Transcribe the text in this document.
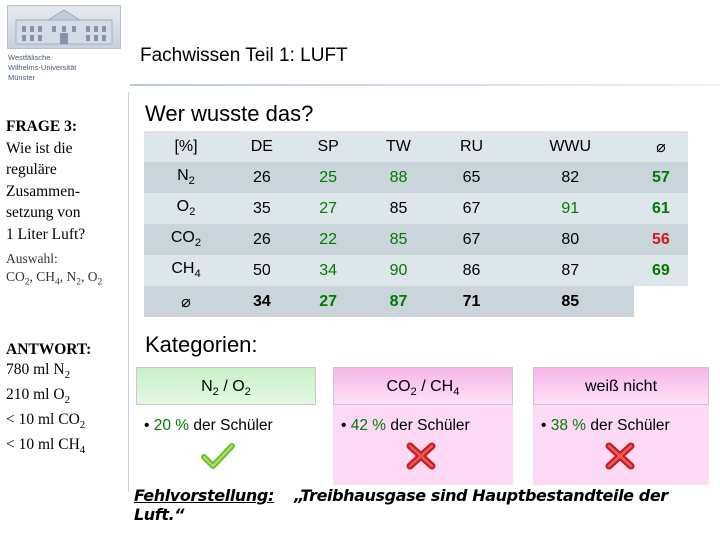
Westfälische
Wilhelms-Universität
Münster
Fachwissen Teil 1: LUFT
FRAGE 3:
Wie ist die
reguläre
Zusammen-
setzung von
1 Liter Luft?
Auswahl:
$CO_2$, $CH_4$, $N_2$, $O_2$
ANTWORT:
780 ml $N_2$
210 ml $O_2$
< 10 ml $CO_2$
< 10 ml $CH_4$
Wer wusste das?
[%]	DE	SP	TW	RU	WWU	⌀
$N_2$	26	25	88	65	82	57
$O_2$	35	27	85	67	91	61
$CO_2$	26	22	85	67	80	56
$CH_4$	50	34	90	86	87	69
⌀	34	27	87	71	85	
Kategorien:
$N_2 / O_2$
• 20 % der Schüler
$CO_2 / CH_4$
• 42 % der Schüler
weiß nicht
• 38 % der Schüler
Fehlvorstellung: „Treibhausgase sind Hauptbestandteile der Luft.“
